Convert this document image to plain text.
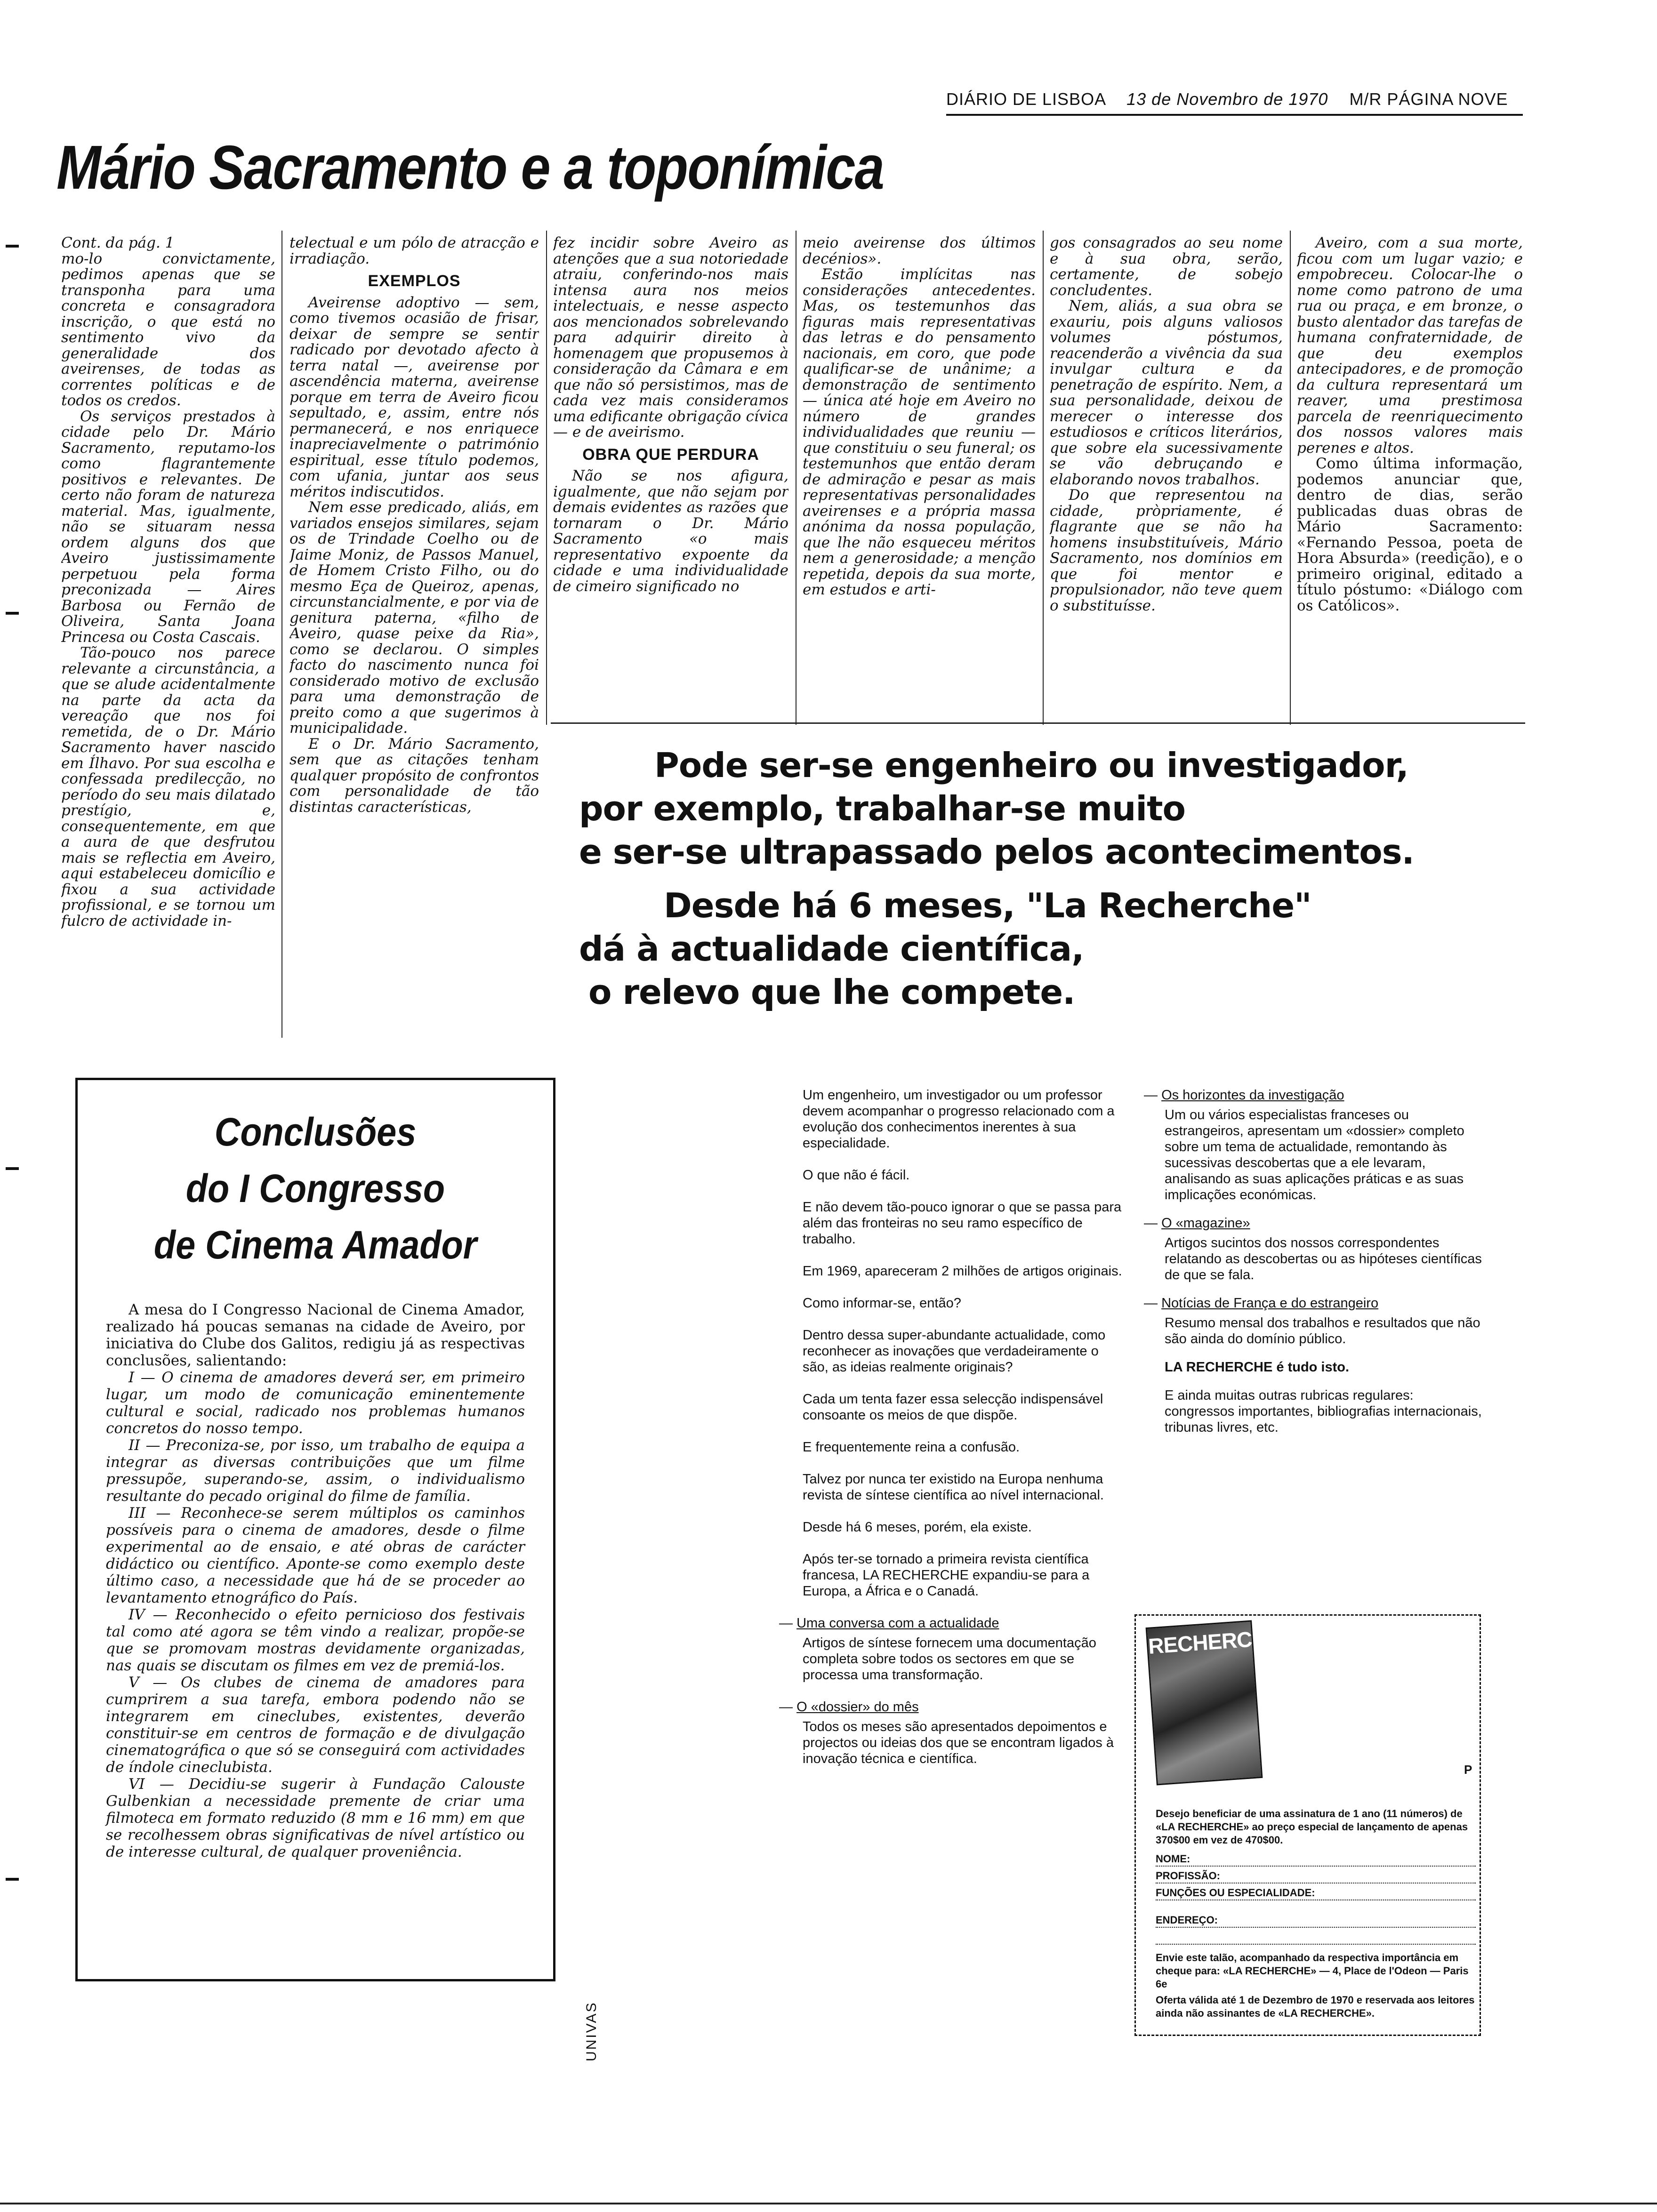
DIÁRIO DE LISBOA 13 de Novembro de 1970 M/R PÁGINA NOVE
Mário Sacramento e a toponímica

Cont. da pág. 1

mo-lo convictamente, pedimos apenas que se transponha para uma concreta e consagradora inscrição, o que está no sentimento vivo da generalidade dos aveirenses, de todas as correntes políticas e de todos os credos.

Os serviços prestados à cidade pelo Dr. Mário Sacramento, reputamo-los como flagrantemente positivos e relevantes. De certo não foram de natureza material. Mas, igualmente, não se situaram nessa ordem alguns dos que Aveiro justissimamente perpetuou pela forma preconizada — Aires Barbosa ou Fernão de Oliveira, Santa Joana Princesa ou Costa Cascais.

Tão-pouco nos parece relevante a circunstância, a que se alude acidentalmente na parte da acta da vereação que nos foi remetida, de o Dr. Mário Sacramento haver nascido em Ílhavo. Por sua escolha e confessada predilecção, no período do seu mais dilatado prestígio, e, consequentemente, em que a aura de que desfrutou mais se reflectia em Aveiro, aqui estabeleceu domicílio e fixou a sua actividade profissional, e se tornou um fulcro de actividade in-

telectual e um pólo de atracção e irradiação.

EXEMPLOS

Aveirense adoptivo — sem, como tivemos ocasião de frisar, deixar de sempre se sentir radicado por devotado afecto à terra natal —, aveirense por ascendência materna, aveirense porque em terra de Aveiro ficou sepultado, e, assim, entre nós permanecerá, e nos enriquece inapreciavelmente o património espiritual, esse título podemos, com ufania, juntar aos seus méritos indiscutidos.

Nem esse predicado, aliás, em variados ensejos similares, sejam os de Trindade Coelho ou de Jaime Moniz, de Passos Manuel, de Homem Cristo Filho, ou do mesmo Eça de Queiroz, apenas, circunstancialmente, e por via de genitura paterna, «filho de Aveiro, quase peixe da Ria», como se declarou. O simples facto do nascimento nunca foi considerado motivo de exclusão para uma demonstração de preito como a que sugerimos à municipalidade.

E o Dr. Mário Sacramento, sem que as citações tenham qualquer propósito de confrontos com personalidade de tão distintas características,

fez incidir sobre Aveiro as atenções que a sua notoriedade atraiu, conferindo-nos mais intensa aura nos meios intelectuais, e nesse aspecto aos mencionados sobrelevando para adquirir direito à homenagem que propusemos à consideração da Câmara e em que não só persistimos, mas de cada vez mais consideramos uma edificante obrigação cívica — e de aveirismo.

OBRA QUE PERDURA

Não se nos afigura, igualmente, que não sejam por demais evidentes as razões que tornaram o Dr. Mário Sacramento «o mais representativo expoente da cidade e uma individualidade de cimeiro significado no

meio aveirense dos últimos decénios».

Estão implícitas nas considerações antecedentes. Mas, os testemunhos das figuras mais representativas das letras e do pensamento nacionais, em coro, que pode qualificar-se de unânime; a demonstração de sentimento — única até hoje em Aveiro no número de grandes individualidades que reuniu — que constituiu o seu funeral; os testemunhos que então deram de admiração e pesar as mais representativas personalidades aveirenses e a própria massa anónima da nossa população, que lhe não esqueceu méritos nem a generosidade; a menção repetida, depois da sua morte, em estudos e arti-

gos consagrados ao seu nome e à sua obra, serão, certamente, de sobejo concludentes.

Nem, aliás, a sua obra se exauriu, pois alguns valiosos volumes póstumos, reacenderão a vivência da sua invulgar cultura e da penetração de espírito. Nem, a sua personalidade, deixou de merecer o interesse dos estudiosos e críticos literários, que sobre ela sucessivamente se vão debruçando e elaborando novos trabalhos.

Do que representou na cidade, pròpriamente, é flagrante que se não ha homens insubstituíveis, Mário Sacramento, nos domínios em que foi mentor e propulsionador, não teve quem o substituísse.

Aveiro, com a sua morte, ficou com um lugar vazio; e empobreceu. Colocar-lhe o nome como patrono de uma rua ou praça, e em bronze, o busto alentador das tarefas de humana confraternidade, de que deu exemplos antecipadores, e de promoção da cultura representará um reaver, uma prestimosa parcela de reenriquecimento dos nossos valores mais perenes e altos.

Como última informação, podemos anunciar que, dentro de dias, serão publicadas duas obras de Mário Sacramento: «Fernando Pessoa, poeta de Hora Absurda» (reedição), e o primeiro original, editado a título póstumo: «Diálogo com os Católicos».

Conclusões
do I Congresso
de Cinema Amador

A mesa do I Congresso Nacional de Cinema Amador, realizado há poucas semanas na cidade de Aveiro, por iniciativa do Clube dos Galitos, redigiu já as respectivas conclusões, salientando:

I — O cinema de amadores deverá ser, em primeiro lugar, um modo de comunicação eminentemente cultural e social, radicado nos problemas humanos concretos do nosso tempo.

II — Preconiza-se, por isso, um trabalho de equipa a integrar as diversas contribuições que um filme pressupõe, superando-se, assim, o individualismo resultante do pecado original do filme de família.

III — Reconhece-se serem múltiplos os caminhos possíveis para o cinema de amadores, desde o filme experimental ao de ensaio, e até obras de carácter didáctico ou científico. Aponte-se como exemplo deste último caso, a necessidade que há de se proceder ao levantamento etnográfico do País.

IV — Reconhecido o efeito pernicioso dos festivais tal como até agora se têm vindo a realizar, propõe-se que se promovam mostras devidamente organizadas, nas quais se discutam os filmes em vez de premiá-los.

V — Os clubes de cinema de amadores para cumprirem a sua tarefa, embora podendo não se integrarem em cineclubes, existentes, deverão constituir-se em centros de formação e de divulgação cinematográfica o que só se conseguirá com actividades de índole cineclubista.

VI — Decidiu-se sugerir à Fundação Calouste Gulbenkian a necessidade premente de criar uma filmoteca em formato reduzido (8 mm e 16 mm) em que se recolhessem obras significativas de nível artístico ou de interesse cultural, de qualquer proveniência.

Pode ser-se engenheiro ou investigador,
por exemplo, trabalhar-se muito
e ser-se ultrapassado pelos acontecimentos.
Desde há 6 meses, "La Recherche"
dá à actualidade científica,
o relevo que lhe compete.

Um engenheiro, um investigador ou um professor devem acompanhar o progresso relacionado com a evolução dos conhecimentos inerentes à sua especialidade.

O que não é fácil.

E não devem tão-pouco ignorar o que se passa para além das fronteiras no seu ramo específico de trabalho.

Em 1969, apareceram 2 milhões de artigos originais.

Como informar-se, então?

Dentro dessa super-abundante actualidade, como reconhecer as inovações que verdadeiramente o são, as ideias realmente originais?

Cada um tenta fazer essa selecção indispensável consoante os meios de que dispõe.

E frequentemente reina a confusão.

Talvez por nunca ter existido na Europa nenhuma revista de síntese científica ao nível internacional.

Desde há 6 meses, porém, ela existe.

Após ter-se tornado a primeira revista científica francesa, LA RECHERCHE expandiu-se para a Europa, a África e o Canadá.

— Uma conversa com a actualidade

Artigos de síntese fornecem uma documentação completa sobre todos os sectores em que se processa uma transformação.

— O «dossier» do mês

Todos os meses são apresentados depoimentos e projectos ou ideias dos que se encontram ligados à inovação técnica e científica.

— Os horizontes da investigação
Um ou vários especialistas franceses ou estrangeiros, apresentam um «dossier» completo sobre um tema de actualidade, remontando às sucessivas descobertas que a ele levaram, analisando as suas aplicações práticas e as suas implicações económicas.
— O «magazine»
Artigos sucintos dos nossos correspondentes relatando as descobertas ou as hipóteses científicas de que se fala.
— Notícias de França e do estrangeiro
Resumo mensal dos trabalhos e resultados que não são ainda do domínio público.
LA RECHERCHE é tudo isto.
E ainda muitas outras rubricas regulares: congressos importantes, bibliografias internacionais, tribunas livres, etc.
RECHERCHE
Desejo beneficiar de uma assinatura de 1 ano (11 números) de «LA RECHERCHE» ao preço especial de lançamento de apenas 370$00 em vez de 470$00.
NOME:
PROFISSÃO:
FUNÇÕES OU ESPECIALIDADE:
ENDEREÇO:
Envie este talão, acompanhado da respectiva importância em cheque para: «LA RECHERCHE» — 4, Place de l'Odeon — Paris 6e
Oferta válida até 1 de Dezembro de 1970 e reservada aos leitores ainda não assinantes de «LA RECHERCHE».
P
UNIVAS
